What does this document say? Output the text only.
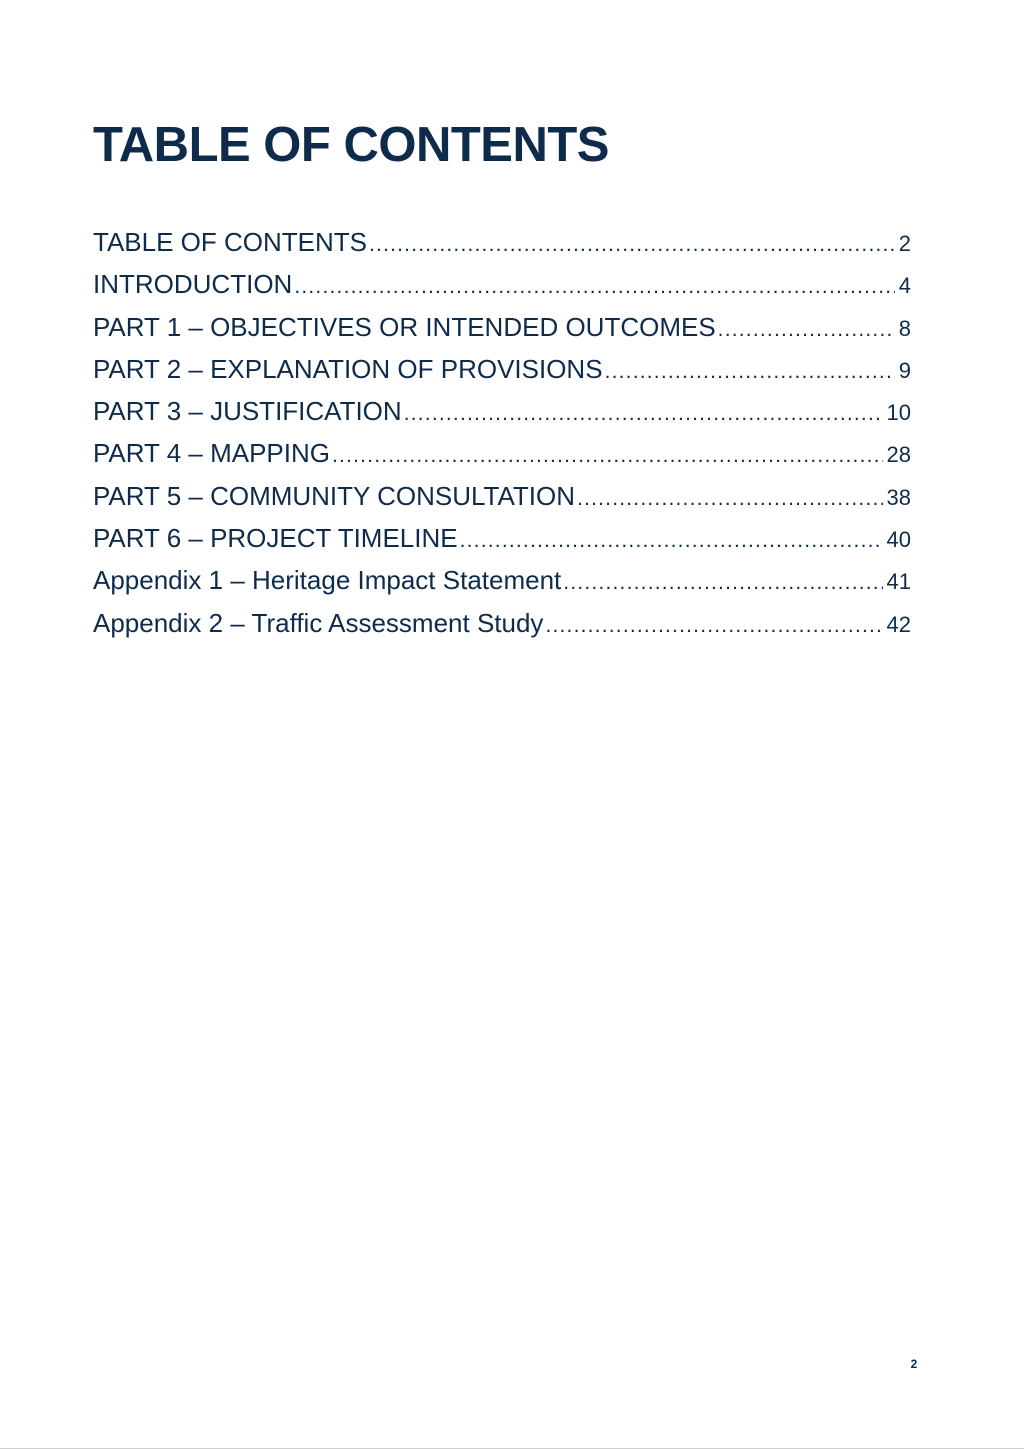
TABLE OF CONTENTS
TABLE OF CONTENTS .....	2
INTRODUCTION .....	4
PART 1 – OBJECTIVES OR INTENDED OUTCOMES .....	8
PART 2 – EXPLANATION OF PROVISIONS .....	9
PART 3 – JUSTIFICATION .....	10
PART 4 – MAPPING .....	28
PART 5 – COMMUNITY CONSULTATION .....	38
PART 6 – PROJECT TIMELINE .....	40
Appendix 1 – Heritage Impact Statement .....	41
Appendix 2 – Traffic Assessment Study .....	42
2
